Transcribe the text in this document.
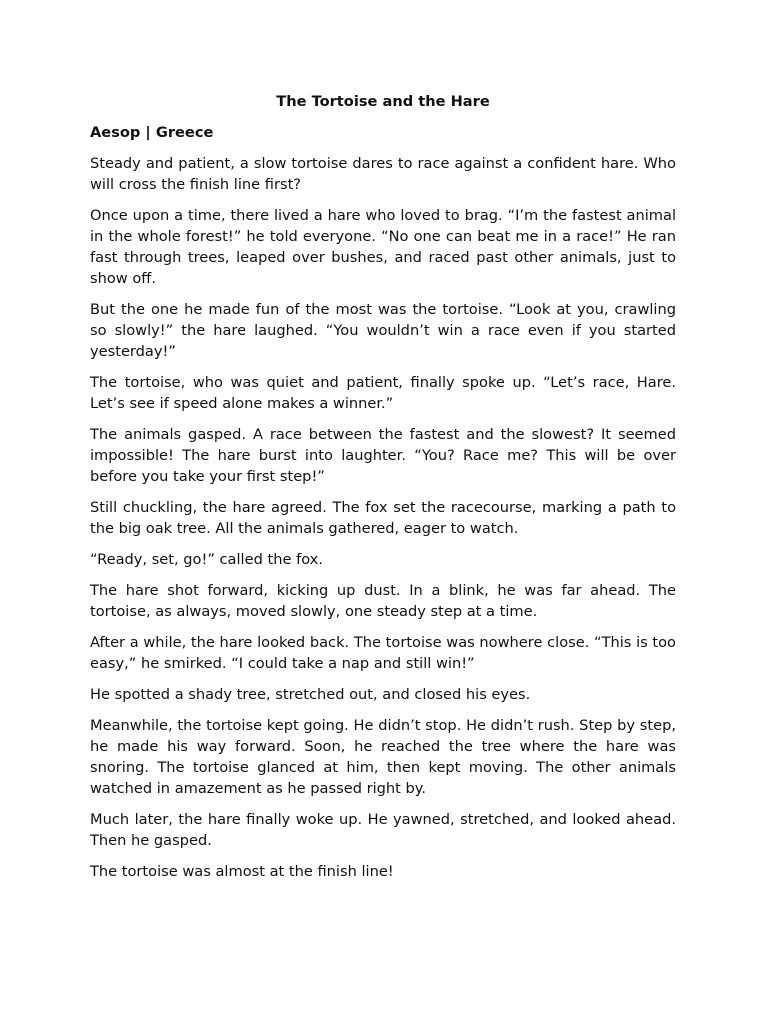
The Tortoise and the Hare
Aesop | Greece

Steady and patient, a slow tortoise dares to race against a confident hare. Who will cross the finish line first?

Once upon a time, there lived a hare who loved to brag. “I’m the fastest animal in the whole forest!” he told everyone. “No one can beat me in a race!” He ran fast through trees, leaped over bushes, and raced past other animals, just to show off.

But the one he made fun of the most was the tortoise. “Look at you, crawling so slowly!” the hare laughed. “You wouldn’t win a race even if you started yesterday!”

The tortoise, who was quiet and patient, finally spoke up. “Let’s race, Hare. Let’s see if speed alone makes a winner.”

The animals gasped. A race between the fastest and the slowest? It seemed impossible! The hare burst into laughter. “You? Race me? This will be over before you take your first step!”

Still chuckling, the hare agreed. The fox set the racecourse, marking a path to the big oak tree. All the animals gathered, eager to watch.

“Ready, set, go!” called the fox.

The hare shot forward, kicking up dust. In a blink, he was far ahead. The tortoise, as always, moved slowly, one steady step at a time.

After a while, the hare looked back. The tortoise was nowhere close. “This is too easy,” he smirked. “I could take a nap and still win!”

He spotted a shady tree, stretched out, and closed his eyes.

Meanwhile, the tortoise kept going. He didn’t stop. He didn’t rush. Step by step, he made his way forward. Soon, he reached the tree where the hare was snoring. The tortoise glanced at him, then kept moving. The other animals watched in amazement as he passed right by.

Much later, the hare finally woke up. He yawned, stretched, and looked ahead. Then he gasped.

The tortoise was almost at the finish line!
